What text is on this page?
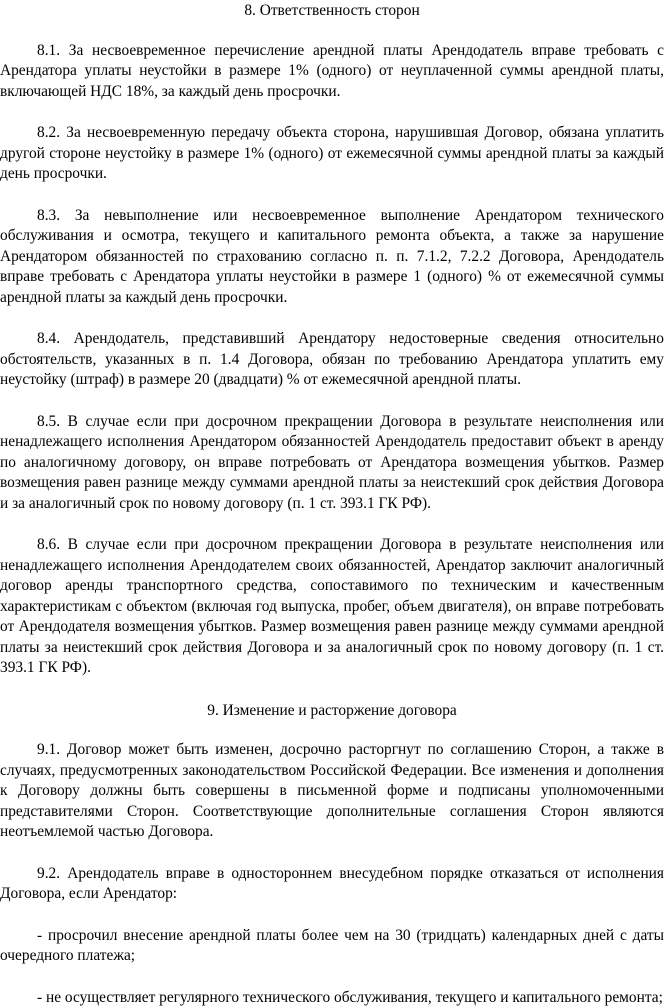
8. Ответственность сторон

8.1. За несвоевременное перечисление арендной платы Арендодатель вправе требовать с Арендатора уплаты неустойки в размере 1% (одного) от неуплаченной суммы арендной платы, включающей НДС 18%, за каждый день просрочки.

8.2. За несвоевременную передачу объекта сторона, нарушившая Договор, обязана уплатить другой стороне неустойку в размере 1% (одного) от ежемесячной суммы арендной платы за каждый день просрочки.

8.3. За невыполнение или несвоевременное выполнение Арендатором технического обслуживания и осмотра, текущего и капитального ремонта объекта, а также за нарушение Арендатором обязанностей по страхованию согласно п. п. 7.1.2, 7.2.2 Договора, Арендодатель вправе требовать с Арендатора уплаты неустойки в размере 1 (одного) % от ежемесячной суммы арендной платы за каждый день просрочки.

8.4. Арендодатель, представивший Арендатору недостоверные сведения относительно обстоятельств, указанных в п. 1.4 Договора, обязан по требованию Арендатора уплатить ему неустойку (штраф) в размере 20 (двадцати) % от ежемесячной арендной платы.

8.5. В случае если при досрочном прекращении Договора в результате неисполнения или ненадлежащего исполнения Арендатором обязанностей Арендодатель предоставит объект в аренду по аналогичному договору, он вправе потребовать от Арендатора возмещения убытков. Размер возмещения равен разнице между суммами арендной платы за неистекший срок действия Договора и за аналогичный срок по новому договору (п. 1 ст. 393.1 ГК РФ).

8.6. В случае если при досрочном прекращении Договора в результате неисполнения или ненадлежащего исполнения Арендодателем своих обязанностей, Арендатор заключит аналогичный договор аренды транспортного средства, сопоставимого по техническим и качественным характеристикам с объектом (включая год выпуска, пробег, объем двигателя), он вправе потребовать от Арендодателя возмещения убытков. Размер возмещения равен разнице между суммами арендной платы за неистекший срок действия Договора и за аналогичный срок по новому договору (п. 1 ст. 393.1 ГК РФ).

9. Изменение и расторжение договора

9.1. Договор может быть изменен, досрочно расторгнут по соглашению Сторон, а также в случаях, предусмотренных законодательством Российской Федерации. Все изменения и дополнения к Договору должны быть совершены в письменной форме и подписаны уполномоченными представителями Сторон. Соответствующие дополнительные соглашения Сторон являются неотъемлемой частью Договора.

9.2. Арендодатель вправе в одностороннем внесудебном порядке отказаться от исполнения Договора, если Арендатор:

- просрочил внесение арендной платы более чем на 30 (тридцать) календарных дней с даты очередного платежа;

- не осуществляет регулярного технического обслуживания, текущего и капитального ремонта;
